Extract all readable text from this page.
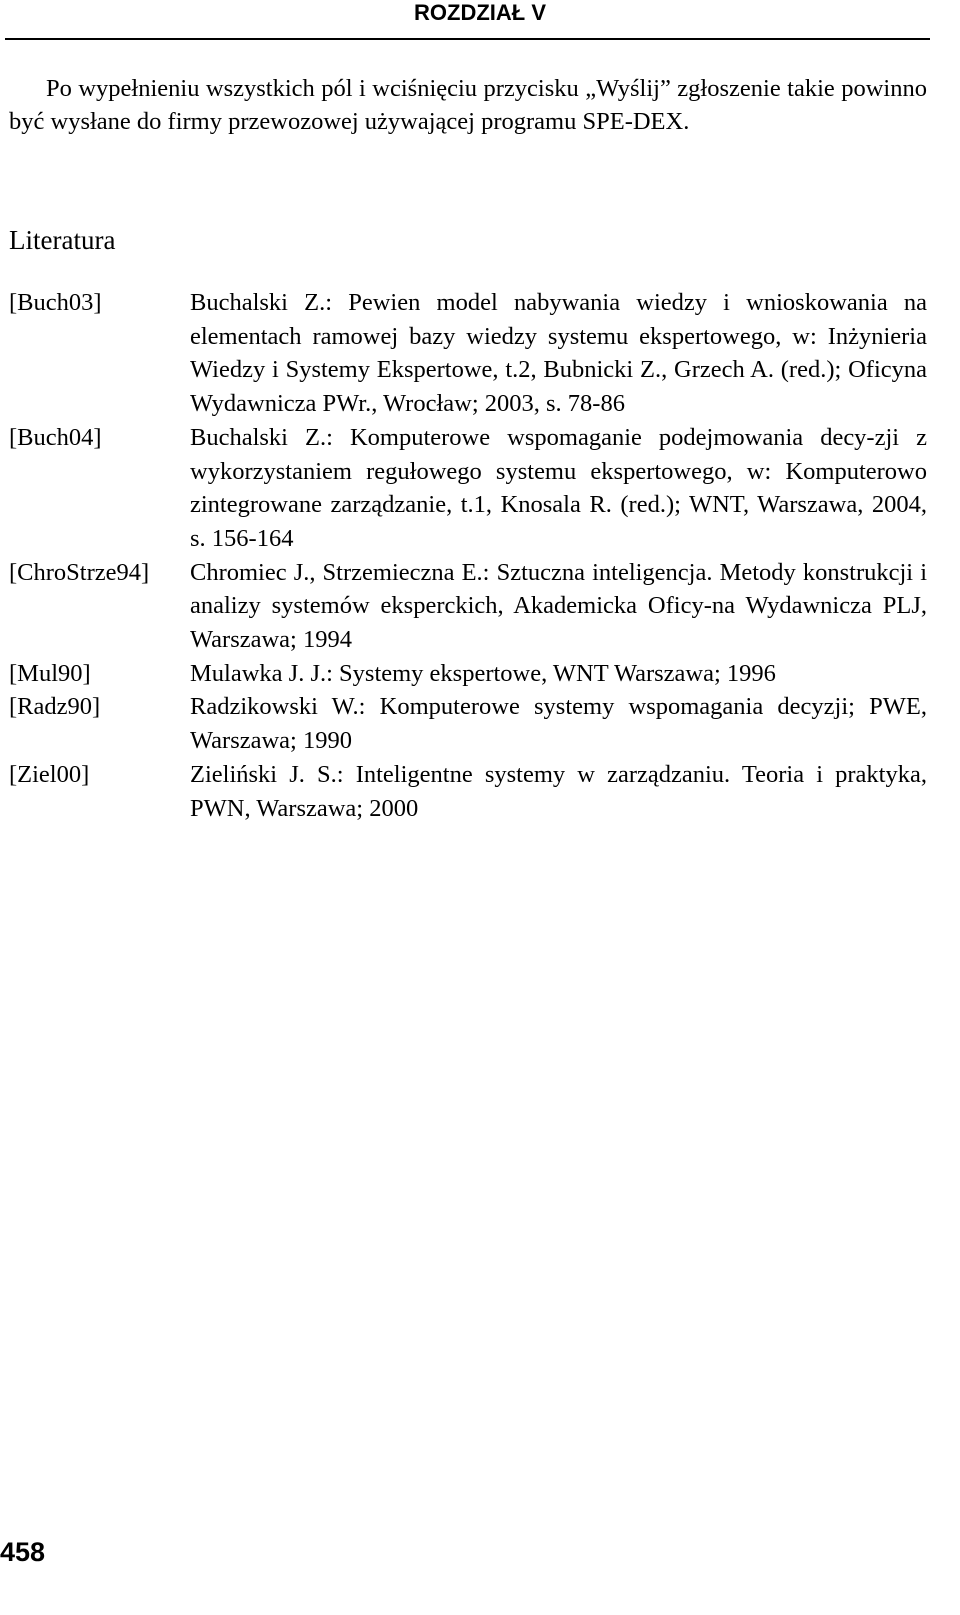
ROZDZIAŁ V

Po wypełnieniu wszystkich pól i wciśnięciu przycisku „Wyślij” zgłoszenie takie powinno być wysłane do firmy przewozowej używającej programu SPE-DEX.

Literatura
[Buch03]	Buchalski Z.: Pewien model nabywania wiedzy i wnioskowania na elementach ramowej bazy wiedzy systemu ekspertowego, w: Inżynieria Wiedzy i Systemy Ekspertowe, t.2, Bubnicki Z., Grzech A. (red.); Oficyna Wydawnicza PWr., Wrocław; 2003, s. 78-86
[Buch04]	Buchalski Z.: Komputerowe wspomaganie podejmowania decy-zji z wykorzystaniem regułowego systemu ekspertowego, w: Komputerowo zintegrowane zarządzanie, t.1, Knosala R. (red.); WNT, Warszawa, 2004, s. 156-164
[ChroStrze94]	Chromiec J., Strzemieczna E.: Sztuczna inteligencja. Metody konstrukcji i analizy systemów eksperckich, Akademicka Oficy-na Wydawnicza PLJ, Warszawa; 1994
[Mul90]	Mulawka J. J.: Systemy ekspertowe, WNT Warszawa; 1996
[Radz90]	Radzikowski W.: Komputerowe systemy wspomagania decyzji; PWE, Warszawa; 1990
[Ziel00]	Zieliński J. S.: Inteligentne systemy w zarządzaniu. Teoria i praktyka, PWN, Warszawa; 2000
458
